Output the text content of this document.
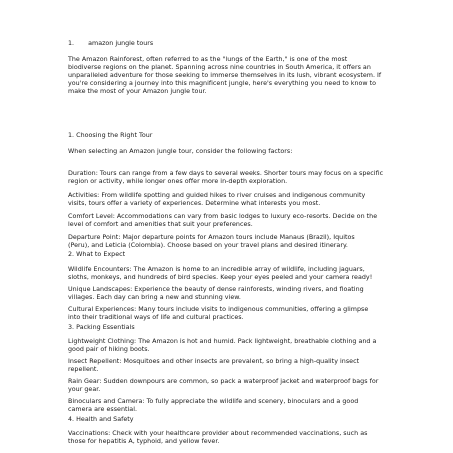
1. amazon jungle tours
The Amazon Rainforest, often referred to as the "lungs of the Earth," is one of the most
biodiverse regions on the planet. Spanning across nine countries in South America, it offers an
unparalleled adventure for those seeking to immerse themselves in its lush, vibrant ecosystem. If
you're considering a journey into this magnificent jungle, here's everything you need to know to
make the most of your Amazon jungle tour.
1. Choosing the Right Tour
When selecting an Amazon jungle tour, consider the following factors:
Duration: Tours can range from a few days to several weeks. Shorter tours may focus on a specific
region or activity, while longer ones offer more in-depth exploration.
Activities: From wildlife spotting and guided hikes to river cruises and indigenous community
visits, tours offer a variety of experiences. Determine what interests you most.
Comfort Level: Accommodations can vary from basic lodges to luxury eco-resorts. Decide on the
level of comfort and amenities that suit your preferences.
Departure Point: Major departure points for Amazon tours include Manaus (Brazil), Iquitos
(Peru), and Leticia (Colombia). Choose based on your travel plans and desired itinerary.
2. What to Expect
Wildlife Encounters: The Amazon is home to an incredible array of wildlife, including jaguars,
sloths, monkeys, and hundreds of bird species. Keep your eyes peeled and your camera ready!
Unique Landscapes: Experience the beauty of dense rainforests, winding rivers, and floating
villages. Each day can bring a new and stunning view.
Cultural Experiences: Many tours include visits to indigenous communities, offering a glimpse
into their traditional ways of life and cultural practices.
3. Packing Essentials
Lightweight Clothing: The Amazon is hot and humid. Pack lightweight, breathable clothing and a
good pair of hiking boots.
Insect Repellent: Mosquitoes and other insects are prevalent, so bring a high-quality insect
repellent.
Rain Gear: Sudden downpours are common, so pack a waterproof jacket and waterproof bags for
your gear.
Binoculars and Camera: To fully appreciate the wildlife and scenery, binoculars and a good
camera are essential.
4. Health and Safety
Vaccinations: Check with your healthcare provider about recommended vaccinations, such as
those for hepatitis A, typhoid, and yellow fever.
